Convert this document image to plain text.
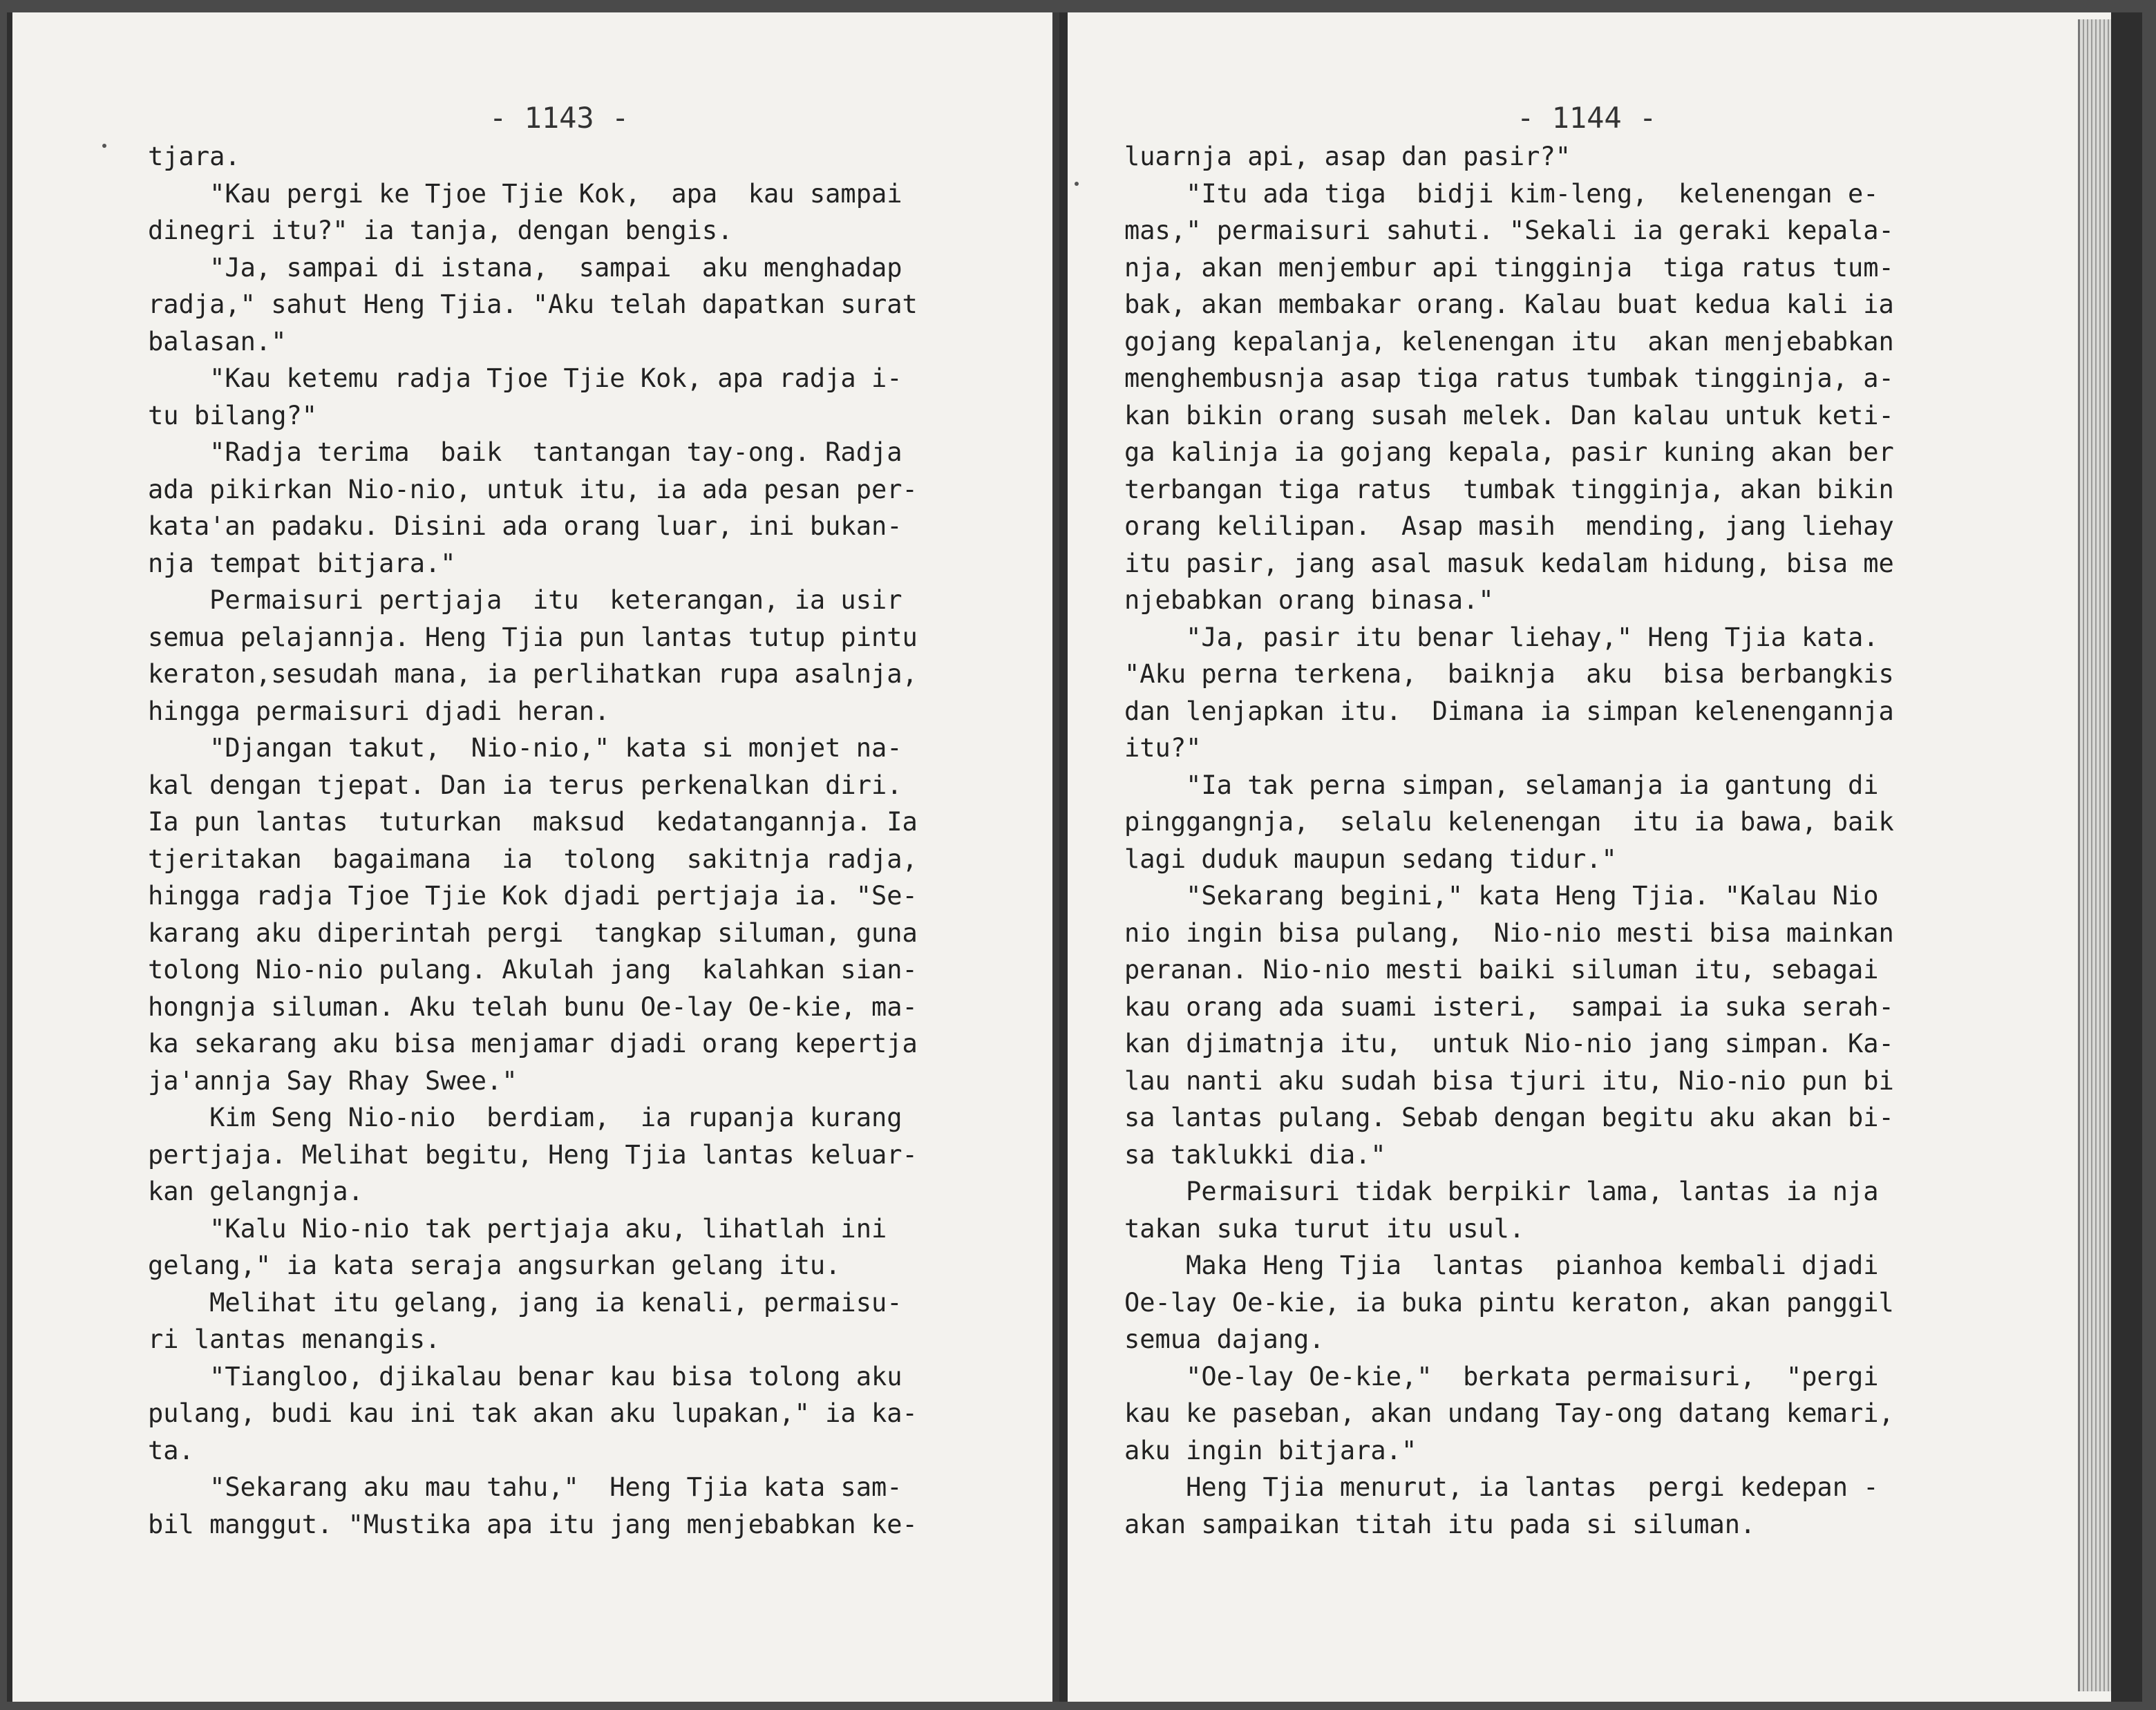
- 1143 -
tjara.
"Kau pergi ke Tjoe Tjie Kok,  apa  kau sampai
dinegri itu?" ia tanja, dengan bengis.
"Ja, sampai di istana,  sampai  aku menghadap
radja," sahut Heng Tjia. "Aku telah dapatkan surat
balasan."
"Kau ketemu radja Tjoe Tjie Kok, apa radja i-
tu bilang?"
"Radja terima  baik  tantangan tay-ong. Radja
ada pikirkan Nio-nio, untuk itu, ia ada pesan per-
kata'an padaku. Disini ada orang luar, ini bukan-
nja tempat bitjara."
Permaisuri pertjaja  itu  keterangan, ia usir
semua pelajannja. Heng Tjia pun lantas tutup pintu
keraton,sesudah mana, ia perlihatkan rupa asalnja,
hingga permaisuri djadi heran.
"Djangan takut,  Nio-nio," kata si monjet na-
kal dengan tjepat. Dan ia terus perkenalkan diri.
Ia pun lantas  tuturkan  maksud  kedatangannja. Ia
tjeritakan  bagaimana  ia  tolong  sakitnja radja,
hingga radja Tjoe Tjie Kok djadi pertjaja ia. "Se-
karang aku diperintah pergi  tangkap siluman, guna
tolong Nio-nio pulang. Akulah jang  kalahkan sian-
hongnja siluman. Aku telah bunu Oe-lay Oe-kie, ma-
ka sekarang aku bisa menjamar djadi orang kepertja
ja'annja Say Rhay Swee."
Kim Seng Nio-nio  berdiam,  ia rupanja kurang
pertjaja. Melihat begitu, Heng Tjia lantas keluar-
kan gelangnja.
"Kalu Nio-nio tak pertjaja aku, lihatlah ini
gelang," ia kata seraja angsurkan gelang itu.
Melihat itu gelang, jang ia kenali, permaisu-
ri lantas menangis.
"Tiangloo, djikalau benar kau bisa tolong aku
pulang, budi kau ini tak akan aku lupakan," ia ka-
ta.
"Sekarang aku mau tahu,"  Heng Tjia kata sam-
bil manggut. "Mustika apa itu jang menjebabkan ke-
- 1144 -
luarnja api, asap dan pasir?"
"Itu ada tiga  bidji kim-leng,  kelenengan e-
mas," permaisuri sahuti. "Sekali ia geraki kepala-
nja, akan menjembur api tingginja  tiga ratus tum-
bak, akan membakar orang. Kalau buat kedua kali ia
gojang kepalanja, kelenengan itu  akan menjebabkan
menghembusnja asap tiga ratus tumbak tingginja, a-
kan bikin orang susah melek. Dan kalau untuk keti-
ga kalinja ia gojang kepala, pasir kuning akan ber
terbangan tiga ratus  tumbak tingginja, akan bikin
orang kelilipan.  Asap masih  mending, jang liehay
itu pasir, jang asal masuk kedalam hidung, bisa me
njebabkan orang binasa."
"Ja, pasir itu benar liehay," Heng Tjia kata.
"Aku perna terkena,  baiknja  aku  bisa berbangkis
dan lenjapkan itu.  Dimana ia simpan kelenengannja
itu?"
"Ia tak perna simpan, selamanja ia gantung di
pinggangnja,  selalu kelenengan  itu ia bawa, baik
lagi duduk maupun sedang tidur."
"Sekarang begini," kata Heng Tjia. "Kalau Nio
nio ingin bisa pulang,  Nio-nio mesti bisa mainkan
peranan. Nio-nio mesti baiki siluman itu, sebagai
kau orang ada suami isteri,  sampai ia suka serah-
kan djimatnja itu,  untuk Nio-nio jang simpan. Ka-
lau nanti aku sudah bisa tjuri itu, Nio-nio pun bi
sa lantas pulang. Sebab dengan begitu aku akan bi-
sa taklukki dia."
Permaisuri tidak berpikir lama, lantas ia nja
takan suka turut itu usul.
Maka Heng Tjia  lantas  pianhoa kembali djadi
Oe-lay Oe-kie, ia buka pintu keraton, akan panggil
semua dajang.
"Oe-lay Oe-kie,"  berkata permaisuri,  "pergi
kau ke paseban, akan undang Tay-ong datang kemari,
aku ingin bitjara."
Heng Tjia menurut, ia lantas  pergi kedepan -
akan sampaikan titah itu pada si siluman.
